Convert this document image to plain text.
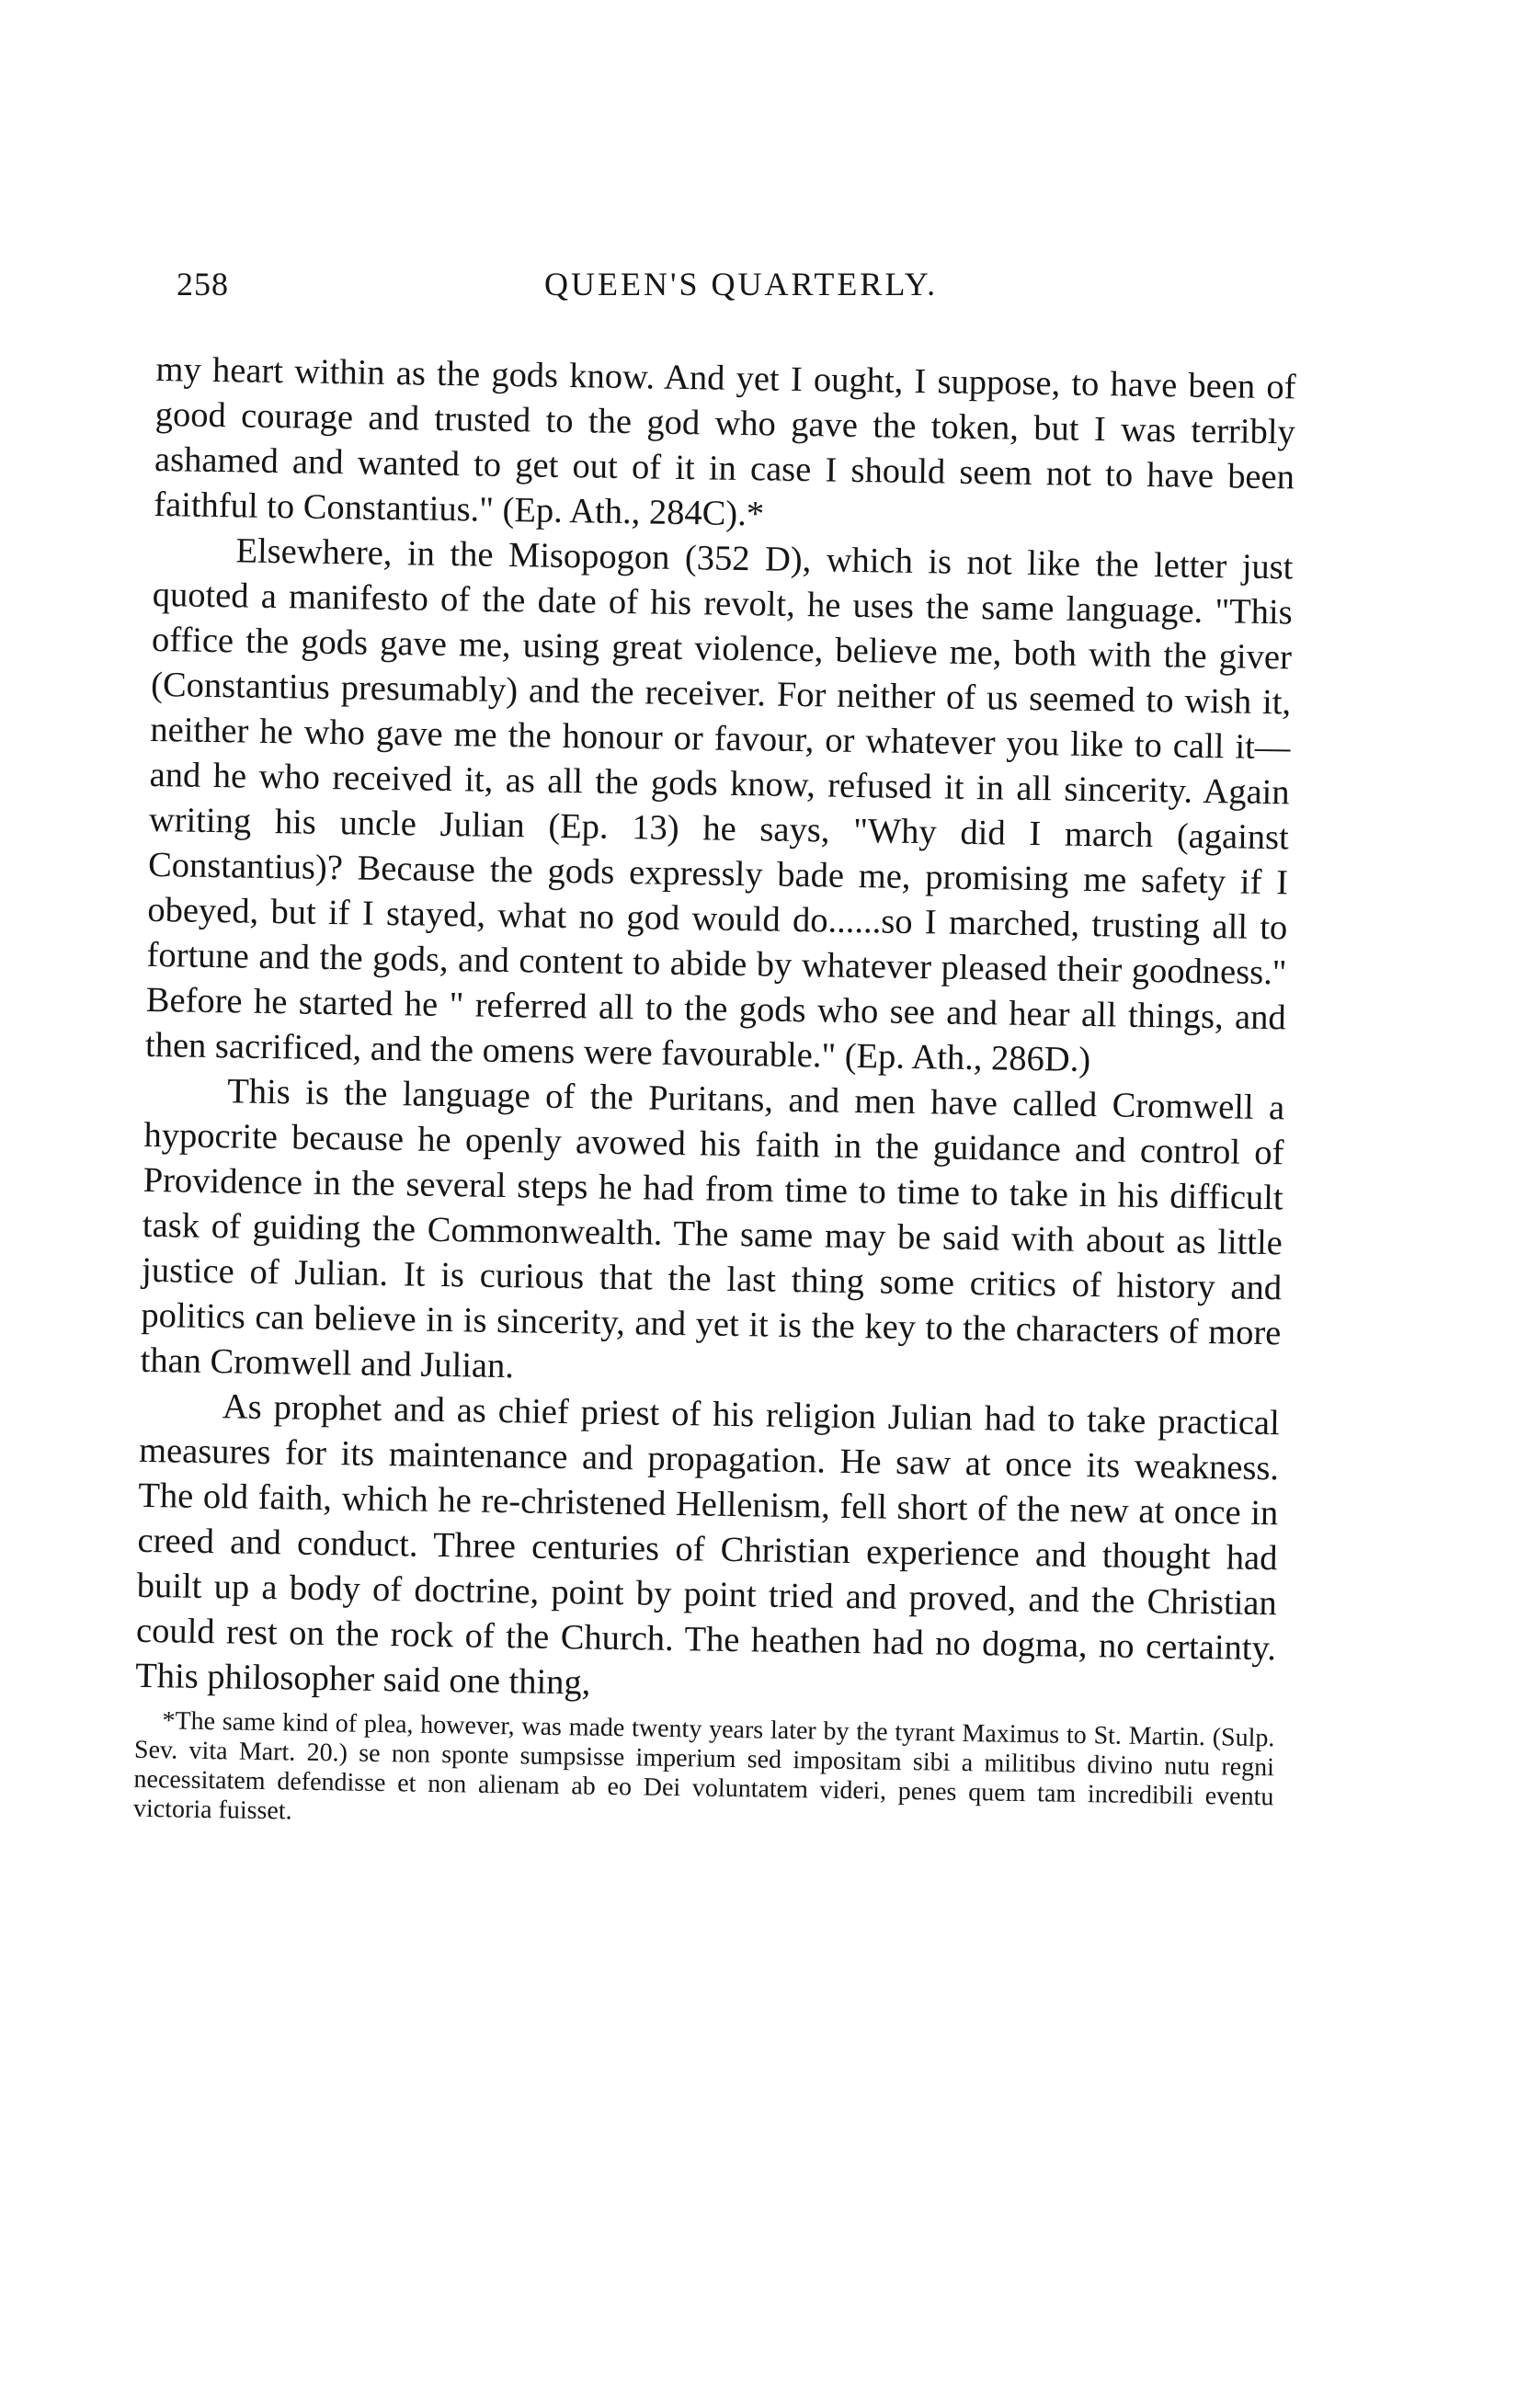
258	QUEEN'S QUARTERLY.

my heart within as the gods know. And yet I ought, I suppose, to have been of good courage and trusted to the god who gave the token, but I was terribly ashamed and wanted to get out of it in case I should seem not to have been faithful to Constantius." (Ep. Ath., 284C).*

Elsewhere, in the Misopogon (352 D), which is not like the letter just quoted a manifesto of the date of his revolt, he uses the same language. "This office the gods gave me, using great violence, believe me, both with the giver (Constantius presumably) and the receiver. For neither of us seemed to wish it, neither he who gave me the honour or favour, or whatever you like to call it—and he who received it, as all the gods know, refused it in all sincerity. Again writing his uncle Julian (Ep. 13) he says, "Why did I march (against Constantius)? Because the gods expressly bade me, promising me safety if I obeyed, but if I stayed, what no god would do......so I marched, trusting all to fortune and the gods, and content to abide by whatever pleased their goodness." Before he started he " referred all to the gods who see and hear all things, and then sacrificed, and the omens were favourable." (Ep. Ath., 286D.)

This is the language of the Puritans, and men have called Cromwell a hypocrite because he openly avowed his faith in the guidance and control of Providence in the several steps he had from time to time to take in his difficult task of guiding the Commonwealth. The same may be said with about as little justice of Julian. It is curious that the last thing some critics of history and politics can believe in is sincerity, and yet it is the key to the characters of more than Cromwell and Julian.

As prophet and as chief priest of his religion Julian had to take practical measures for its maintenance and propagation. He saw at once its weakness. The old faith, which he re-christened Hellenism, fell short of the new at once in creed and conduct. Three centuries of Christian experience and thought had built up a body of doctrine, point by point tried and proved, and the Christian could rest on the rock of the Church. The heathen had no dogma, no certainty. This philosopher said one thing,

*The same kind of plea, however, was made twenty years later by the tyrant Maximus to St. Martin. (Sulp. Sev. vita Mart. 20.) se non sponte sumpsisse imperium sed impositam sibi a militibus divino nutu regni necessitatem defendisse et non alienam ab eo Dei voluntatem videri, penes quem tam incredibili eventu victoria fuisset.
